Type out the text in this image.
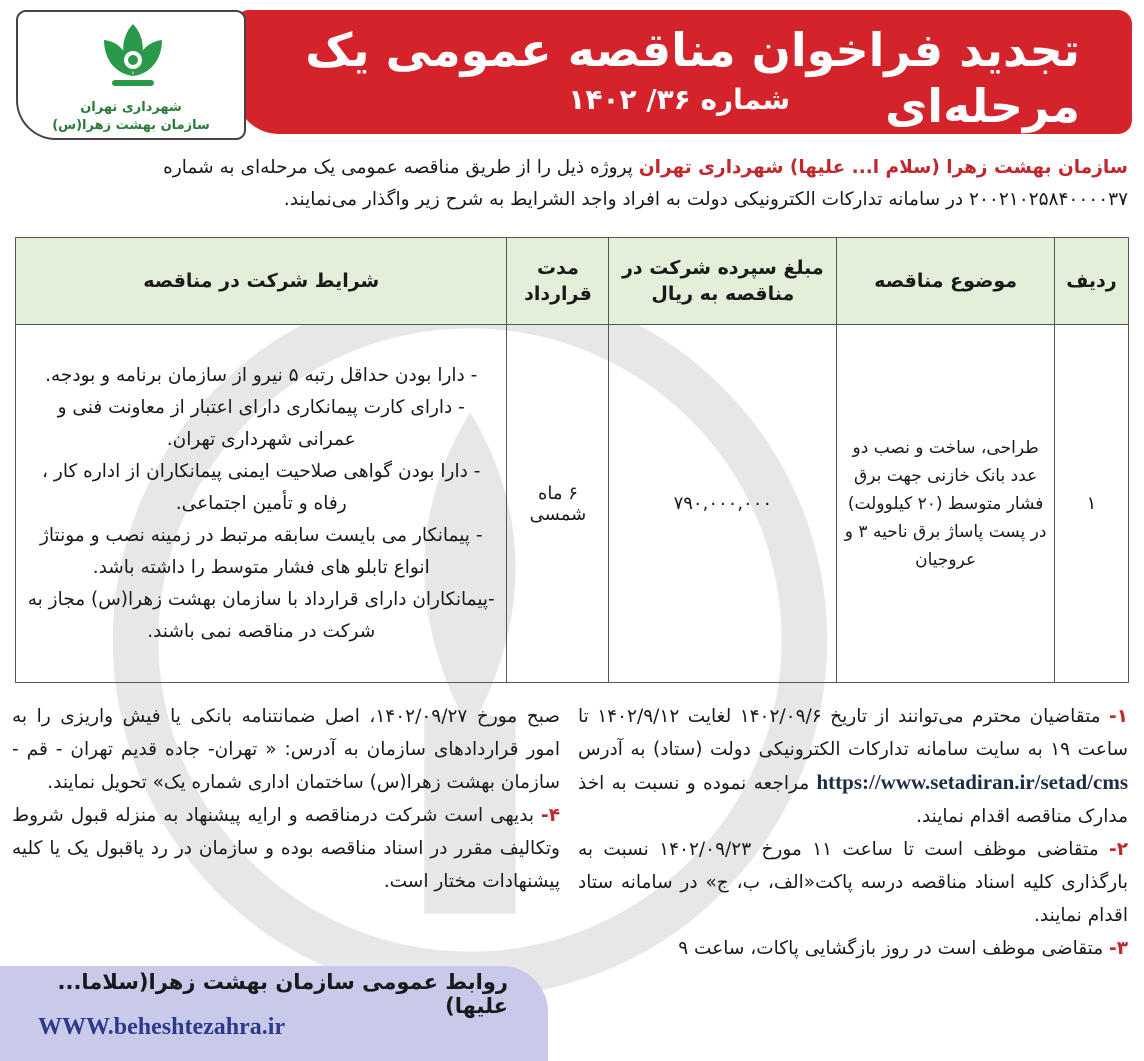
تجدید فراخوان مناقصه عمومی یک مرحله‌ای
شماره ۳۶/ ۱۴۰۲
شهرداری تهران
سازمان بهشت زهرا(س)
سازمان بهشت زهرا (سلام ا... علیها) شهرداری تهران پروژه ذیل را از طریق مناقصه عمومی یک مرحله‌ای به شماره
۲۰۰۲۱۰۲۵۸۴۰۰۰۰۳۷ در سامانه تدارکات الکترونیکی دولت به افراد واجد الشرایط به شرح زیر واگذار می‌نمایند.
ردیف	موضوع مناقصه	مبلغ سپرده شرکت در مناقصه به ریال	مدت قرارداد	شرایط شرکت در مناقصه
۱	طراحی، ساخت و نصب دو عدد بانک خازنی جهت برق فشار متوسط (۲۰ کیلوولت) در پست پاساژ برق ناحیه ۳ و عروجیان	۷۹۰,۰۰۰,۰۰۰	۶ ماه شمسی	- دارا بودن حداقل رتبه ۵ نیرو از سازمان برنامه و بودجه.
- دارای کارت پیمانکاری دارای اعتبار از معاونت فنی و عمرانی شهرداری تهران.
- دارا بودن گواهی صلاحیت ایمنی پیمانکاران از اداره کار ، رفاه و تأمین اجتماعی.
- پیمانکار می بایست سابقه مرتبط در زمینه نصب و مونتاژ انواع تابلو های فشار متوسط را داشته باشد.
-پیمانکاران دارای قرارداد با سازمان بهشت زهرا(س) مجاز به شرکت در مناقصه نمی باشند.
۱- متقاضیان محترم می‌توانند از تاریخ ۱۴۰۲/۰۹/۶ لغایت ۱۴۰۲/۹/۱۲ تا ساعت ۱۹ به سایت سامانه تدارکات الکترونیکی دولت (ستاد) به آدرس https://www.setadiran.ir/setad/cms مراجعه نموده و نسبت به اخذ مدارک مناقصه اقدام نمایند.
۲- متقاضی موظف است تا ساعت ۱۱ مورخ ۱۴۰۲/۰۹/۲۳ نسبت به بارگذاری کلیه اسناد مناقصه درسه پاکت«الف، ب، ج» در سامانه ستاد اقدام نمایند.
۳- متقاضی موظف است در روز بازگشایی پاکات، ساعت ۹
صبح مورخ ۱۴۰۲/۰۹/۲۷، اصل ضمانتنامه بانکی یا فیش واریزی را به امور قراردادهای سازمان به آدرس: « تهران- جاده قدیم تهران - قم - سازمان بهشت زهرا(س) ساختمان اداری شماره یک» تحویل نمایند.
۴- بدیهی است شرکت درمناقصه و ارایه پیشنهاد به منزله قبول شروط وتکالیف مقرر در اسناد مناقصه بوده و سازمان در رد یاقبول یک یا کلیه پیشنهادات مختار است.
روابط عمومی سازمان بهشت زهرا(سلاما... علیها)
WWW.beheshtezahra.ir
